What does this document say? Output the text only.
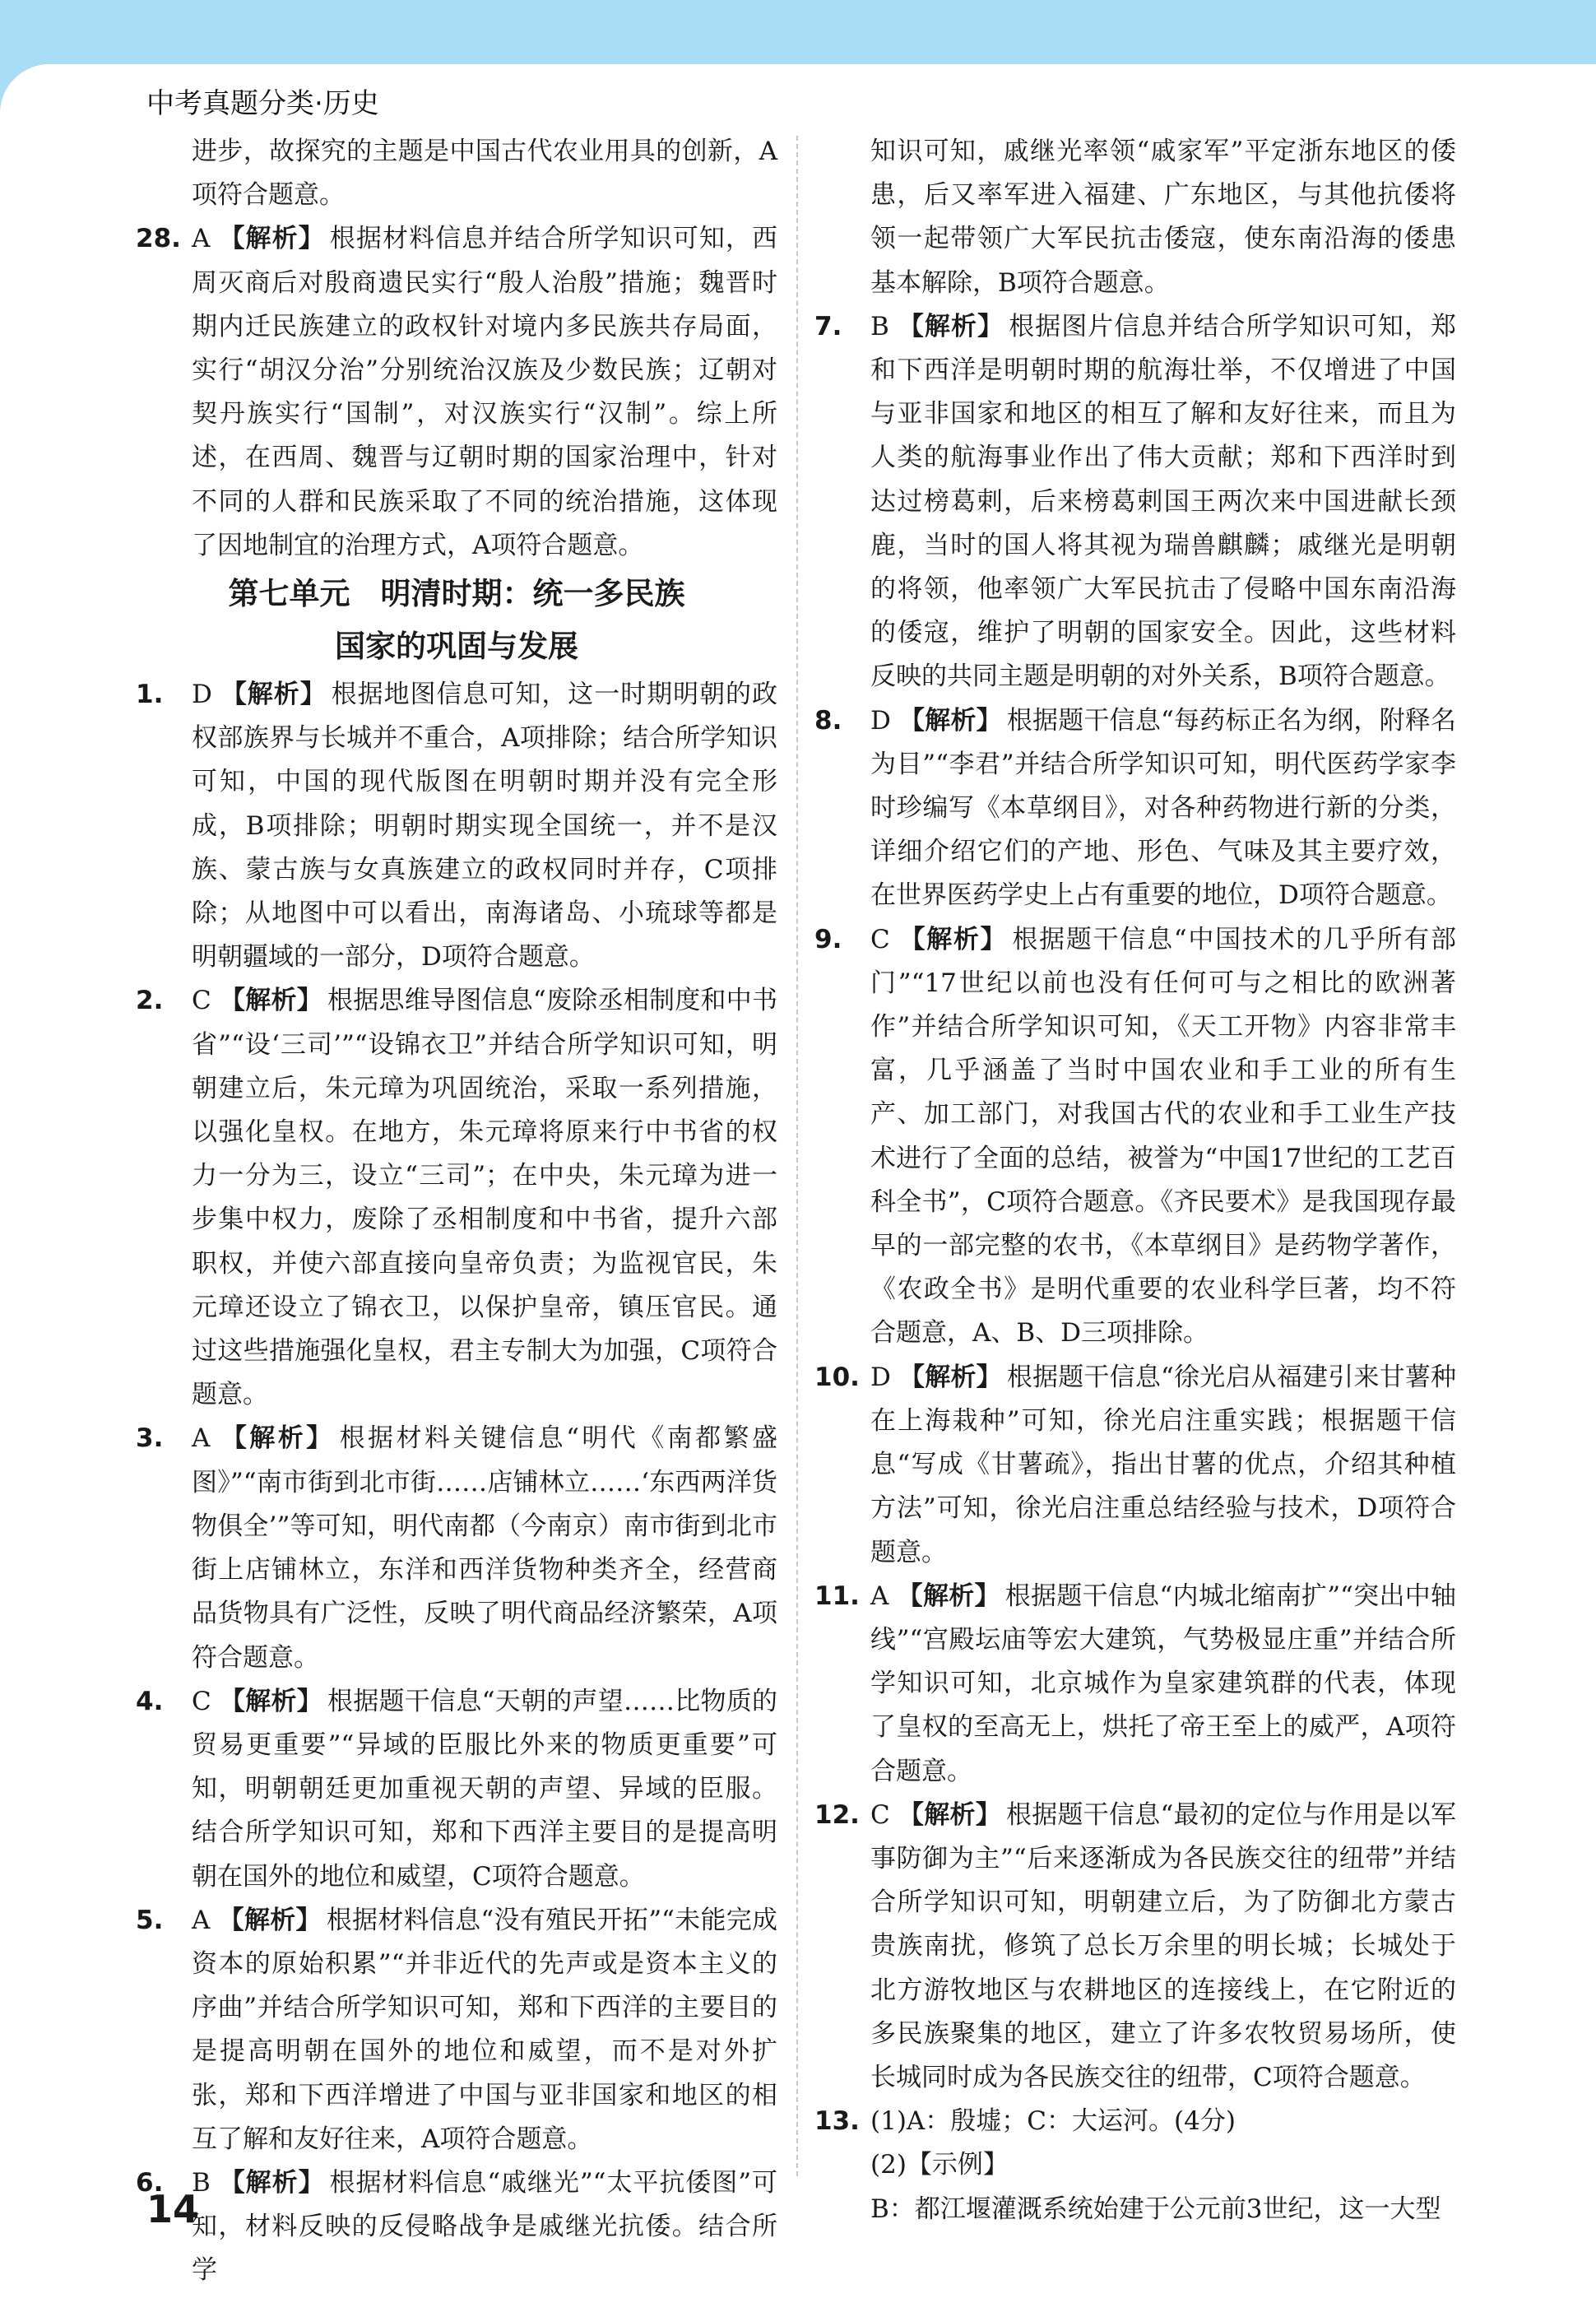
中考真题分类·历史
进步，故探究的主题是中国古代农业用具的创新，A项符合题意。
28. A 【解析】 根据材料信息并结合所学知识可知，西周灭商后对殷商遗民实行“殷人治殷”措施；魏晋时期内迁民族建立的政权针对境内多民族共存局面，实行“胡汉分治”分别统治汉族及少数民族；辽朝对契丹族实行“国制”，对汉族实行“汉制”。综上所述，在西周、魏晋与辽朝时期的国家治理中，针对不同的人群和民族采取了不同的统治措施，这体现了因地制宜的治理方式，A项符合题意。
第七单元　明清时期：统一多民族
国家的巩固与发展
1. D 【解析】 根据地图信息可知，这一时期明朝的政权部族界与长城并不重合，A项排除；结合所学知识可知，中国的现代版图在明朝时期并没有完全形成，B项排除；明朝时期实现全国统一，并不是汉族、蒙古族与女真族建立的政权同时并存，C项排除；从地图中可以看出，南海诸岛、小琉球等都是明朝疆域的一部分，D项符合题意。
2. C 【解析】 根据思维导图信息“废除丞相制度和中书省”“设‘三司’”“设锦衣卫”并结合所学知识可知，明朝建立后，朱元璋为巩固统治，采取一系列措施，以强化皇权。在地方，朱元璋将原来行中书省的权力一分为三，设立“三司”；在中央，朱元璋为进一步集中权力，废除了丞相制度和中书省，提升六部职权，并使六部直接向皇帝负责；为监视官民，朱元璋还设立了锦衣卫，以保护皇帝，镇压官民。通过这些措施强化皇权，君主专制大为加强，C项符合题意。
3. A 【解析】 根据材料关键信息“明代《南都繁盛图》”“南市街到北市街……店铺林立……‘东西两洋货物俱全’”等可知，明代南都（今南京）南市街到北市街上店铺林立，东洋和西洋货物种类齐全，经营商品货物具有广泛性，反映了明代商品经济繁荣，A项符合题意。
4. C 【解析】 根据题干信息“天朝的声望……比物质的贸易更重要”“异域的臣服比外来的物质更重要”可知，明朝朝廷更加重视天朝的声望、异域的臣服。结合所学知识可知，郑和下西洋主要目的是提高明朝在国外的地位和威望，C项符合题意。
5. A 【解析】 根据材料信息“没有殖民开拓”“未能完成资本的原始积累”“并非近代的先声或是资本主义的序曲”并结合所学知识可知，郑和下西洋的主要目的是提高明朝在国外的地位和威望，而不是对外扩张，郑和下西洋增进了中国与亚非国家和地区的相互了解和友好往来，A项符合题意。
6. B 【解析】 根据材料信息“戚继光”“太平抗倭图”可知，材料反映的反侵略战争是戚继光抗倭。结合所学
知识可知，戚继光率领“戚家军”平定浙东地区的倭患，后又率军进入福建、广东地区，与其他抗倭将领一起带领广大军民抗击倭寇，使东南沿海的倭患基本解除，B项符合题意。
7. B 【解析】 根据图片信息并结合所学知识可知，郑和下西洋是明朝时期的航海壮举，不仅增进了中国与亚非国家和地区的相互了解和友好往来，而且为人类的航海事业作出了伟大贡献；郑和下西洋时到达过榜葛剌，后来榜葛剌国王两次来中国进献长颈鹿，当时的国人将其视为瑞兽麒麟；戚继光是明朝的将领，他率领广大军民抗击了侵略中国东南沿海的倭寇，维护了明朝的国家安全。因此，这些材料反映的共同主题是明朝的对外关系，B项符合题意。
8. D 【解析】 根据题干信息“每药标正名为纲，附释名为目”“李君”并结合所学知识可知，明代医药学家李时珍编写《本草纲目》，对各种药物进行新的分类，详细介绍它们的产地、形色、气味及其主要疗效，在世界医药学史上占有重要的地位，D项符合题意。
9. C 【解析】 根据题干信息“中国技术的几乎所有部门”“17世纪以前也没有任何可与之相比的欧洲著作”并结合所学知识可知，《天工开物》内容非常丰富，几乎涵盖了当时中国农业和手工业的所有生产、加工部门，对我国古代的农业和手工业生产技术进行了全面的总结，被誉为“中国17世纪的工艺百科全书”，C项符合题意。《齐民要术》是我国现存最早的一部完整的农书，《本草纲目》是药物学著作，《农政全书》是明代重要的农业科学巨著，均不符合题意，A、B、D三项排除。
10. D 【解析】 根据题干信息“徐光启从福建引来甘薯种在上海栽种”可知，徐光启注重实践；根据题干信息“写成《甘薯疏》，指出甘薯的优点，介绍其种植方法”可知，徐光启注重总结经验与技术，D项符合题意。
11. A 【解析】 根据题干信息“内城北缩南扩”“突出中轴线”“宫殿坛庙等宏大建筑，气势极显庄重”并结合所学知识可知，北京城作为皇家建筑群的代表，体现了皇权的至高无上，烘托了帝王至上的威严，A项符合题意。
12. C 【解析】 根据题干信息“最初的定位与作用是以军事防御为主”“后来逐渐成为各民族交往的纽带”并结合所学知识可知，明朝建立后，为了防御北方蒙古贵族南扰，修筑了总长万余里的明长城；长城处于北方游牧地区与农耕地区的连接线上，在它附近的多民族聚集的地区，建立了许多农牧贸易场所，使长城同时成为各民族交往的纽带，C项符合题意。
13. (1)A：殷墟；C：大运河。(4分)
(2)【示例】
B：都江堰灌溉系统始建于公元前3世纪，这一大型
14
